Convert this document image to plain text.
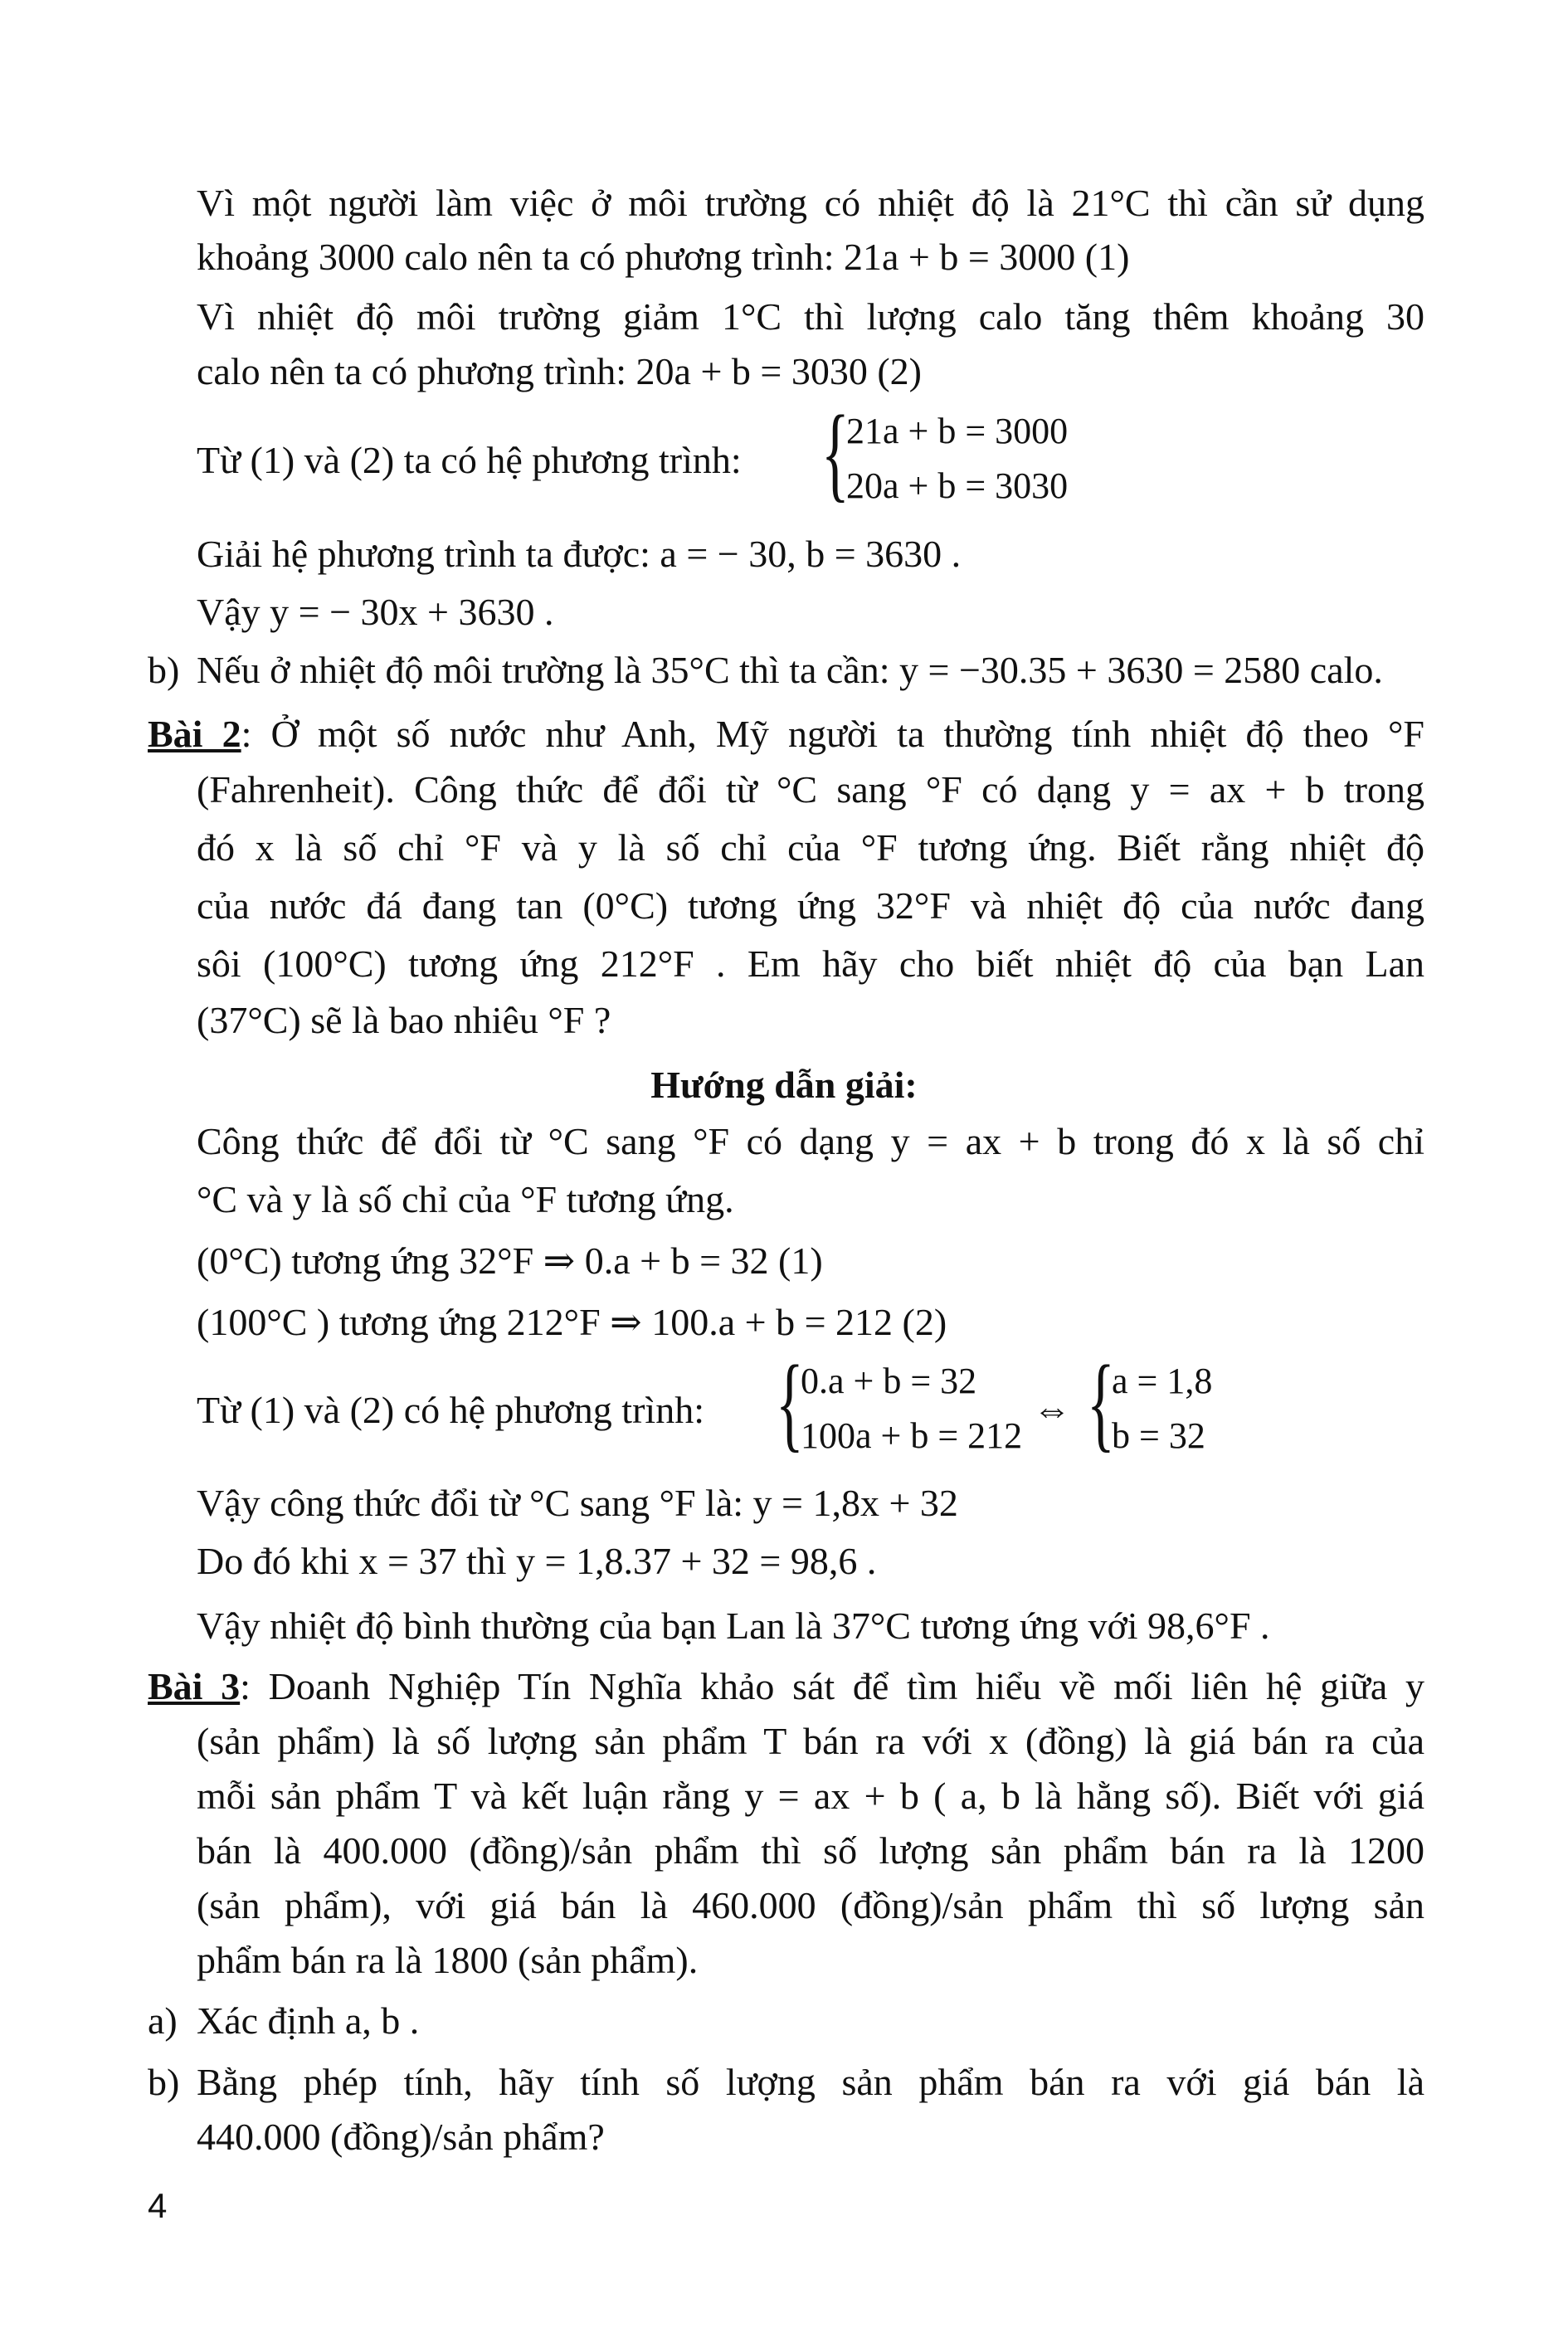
Vì một người làm việc ở môi trường có nhiệt độ là 21°C thì cần sử dụng
khoảng 3000 calo nên ta có phương trình: 21a + b = 3000 (1)
Vì nhiệt độ môi trường giảm 1°C thì lượng calo tăng thêm khoảng 30
calo nên ta có phương trình: 20a + b = 3030 (2)
Từ (1) và (2) ta có hệ phương trình: {
21a + b = 3000
20a + b = 3030
Giải hệ phương trình ta được: a = − 30, b = 3630 .
Vậy y = − 30x + 3630 .
b) Nếu ở nhiệt độ môi trường là 35°C thì ta cần: y = −30.35 + 3630 = 2580 calo.
Bài 2: Ở một số nước như Anh, Mỹ người ta thường tính nhiệt độ theo °F
(Fahrenheit). Công thức để đổi từ °C sang °F có dạng y = ax + b trong
đó x là số chỉ °F và y là số chỉ của °F tương ứng. Biết rằng nhiệt độ
của nước đá đang tan (0°C) tương ứng 32°F và nhiệt độ của nước đang
sôi (100°C) tương ứng 212°F . Em hãy cho biết nhiệt độ của bạn Lan
(37°C) sẽ là bao nhiêu °F ?
Hướng dẫn giải:
Công thức để đổi từ °C sang °F có dạng y = ax + b trong đó x là số chỉ
°C và y là số chỉ của °F tương ứng.
(0°C) tương ứng 32°F ⇒ 0.a + b = 32 (1)
(100°C ) tương ứng 212°F ⇒ 100.a + b = 212 (2)
Từ (1) và (2) có hệ phương trình: {
0.a + b = 32
100a + b = 212
⇔ {
a = 1,8
b = 32
Vậy công thức đổi từ °C sang °F là: y = 1,8x + 32
Do đó khi x = 37 thì y = 1,8.37 + 32 = 98,6 .
Vậy nhiệt độ bình thường của bạn Lan là 37°C tương ứng với 98,6°F .
Bài 3: Doanh Nghiệp Tín Nghĩa khảo sát để tìm hiểu về mối liên hệ giữa y
(sản phẩm) là số lượng sản phẩm T bán ra với x (đồng) là giá bán ra của
mỗi sản phẩm T và kết luận rằng y = ax + b ( a, b là hằng số). Biết với giá
bán là 400.000 (đồng)/sản phẩm thì số lượng sản phẩm bán ra là 1200
(sản phẩm), với giá bán là 460.000 (đồng)/sản phẩm thì số lượng sản
phẩm bán ra là 1800 (sản phẩm).
a) Xác định a, b .
b) Bằng phép tính, hãy tính số lượng sản phẩm bán ra với giá bán là
440.000 (đồng)/sản phẩm?
4
